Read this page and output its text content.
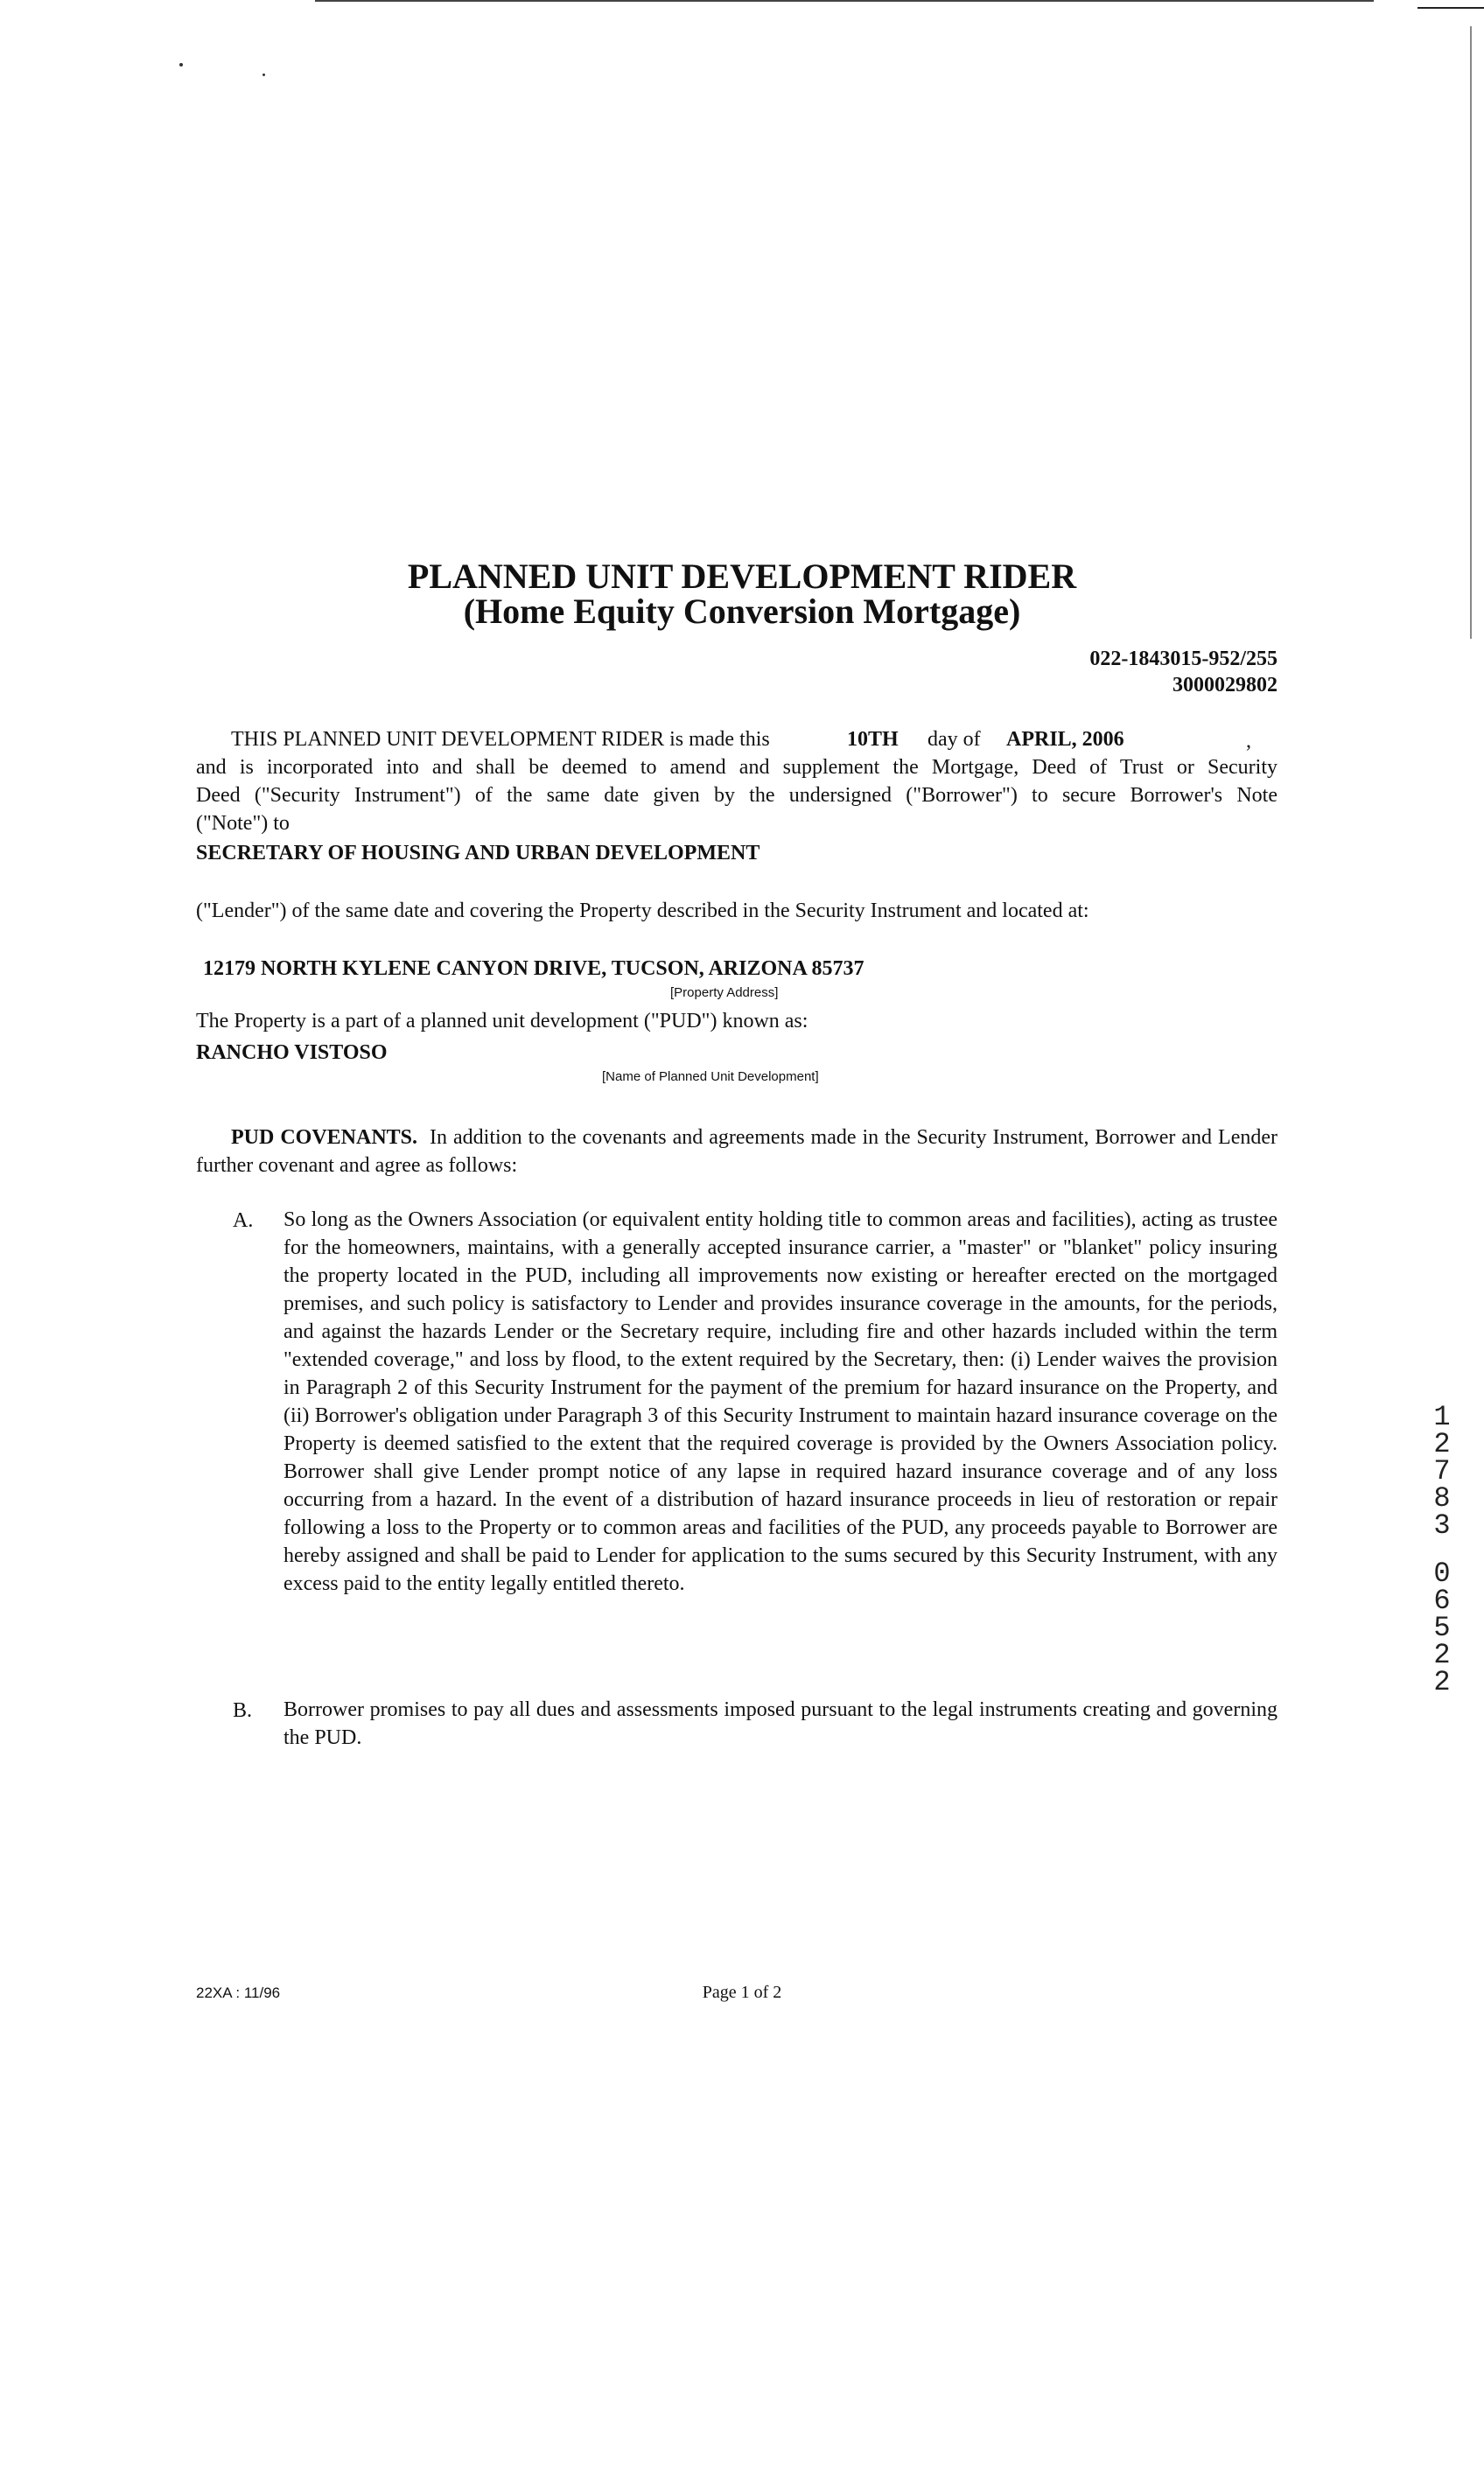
PLANNED UNIT DEVELOPMENT RIDER
(Home Equity Conversion Mortgage)
022-1843015-952/255
3000029802
THIS PLANNED UNIT DEVELOPMENT RIDER is made this	10TH day of APRIL, 2006	,
and is incorporated into and shall be deemed to amend and supplement the Mortgage, Deed of Trust or Security
Deed ("Security Instrument") of the same date given by the undersigned ("Borrower") to secure Borrower's Note
("Note") to
SECRETARY OF HOUSING AND URBAN DEVELOPMENT
("Lender") of the same date and covering the Property described in the Security Instrument and located at:
12179 NORTH KYLENE CANYON DRIVE, TUCSON, ARIZONA 85737
[Property Address]
The Property is a part of a planned unit development ("PUD") known as:
RANCHO VISTOSO
[Name of Planned Unit Development]
PUD COVENANTS. In addition to the covenants and agreements made in the Security Instrument, Borrower and Lender further covenant and agree as follows:
A. So long as the Owners Association (or equivalent entity holding title to common areas and facilities), acting as trustee for the homeowners, maintains, with a generally accepted insurance carrier, a "master" or "blanket" policy insuring the property located in the PUD, including all improvements now existing or hereafter erected on the mortgaged premises, and such policy is satisfactory to Lender and provides insurance coverage in the amounts, for the periods, and against the hazards Lender or the Secretary require, including fire and other hazards included within the term "extended coverage," and loss by flood, to the extent required by the Secretary, then: (i) Lender waives the provision in Paragraph 2 of this Security Instrument for the payment of the premium for hazard insurance on the Property, and (ii) Borrower's obligation under Paragraph 3 of this Security Instrument to maintain hazard insurance coverage on the Property is deemed satisfied to the extent that the required coverage is provided by the Owners Association policy. Borrower shall give Lender prompt notice of any lapse in required hazard insurance coverage and of any loss occurring from a hazard. In the event of a distribution of hazard insurance proceeds in lieu of restoration or repair following a loss to the Property or to common areas and facilities of the PUD, any proceeds payable to Borrower are hereby assigned and shall be paid to Lender for application to the sums secured by this Security Instrument, with any excess paid to the entity legally entitled thereto.
B. Borrower promises to pay all dues and assessments imposed pursuant to the legal instruments creating and governing the PUD.
1
2
7
8
3
0
6
5
2
2
22XA : 11/96	Page 1 of 2
